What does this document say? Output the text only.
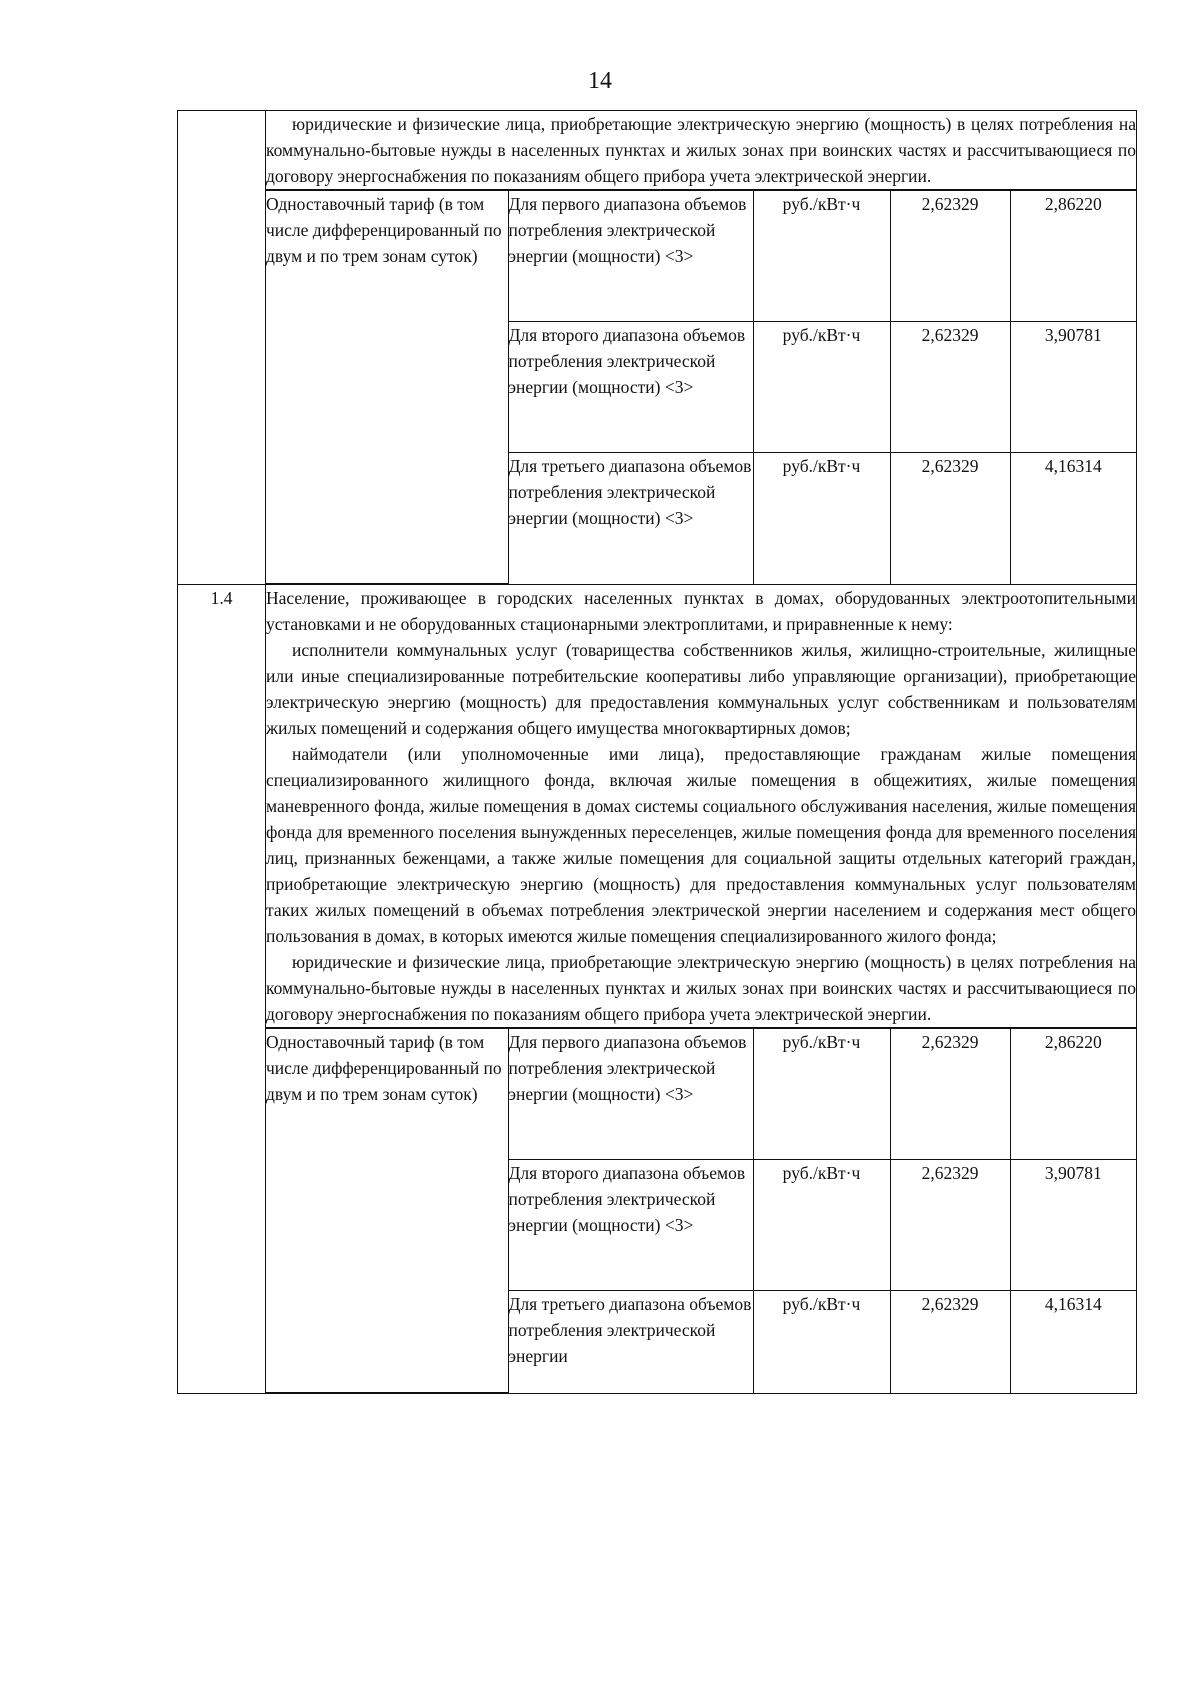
14

юридические и физические лица, приобретающие электрическую энергию (мощность) в целях потребления на коммунально-бытовые нужды в населенных пунктах и жилых зонах при воинских частях и рассчитывающиеся по договору энергоснабжения по показаниям общего прибора учета электрической энергии.

Одноставочный тариф (в том числе дифференцированный по двум и по трем зонам суток)	Для первого диапазона объемов потребления электрической энергии (мощности) <3>	руб./кВт·ч	2,62329	2,86220
Для второго диапазона объемов потребления электрической энергии (мощности) <3>	руб./кВт·ч	2,62329	3,90781
Для третьего диапазона объемов потребления электрической энергии (мощности) <3>	руб./кВт·ч	2,62329	4,16314

1.4	Население, проживающее в городских населенных пунктах в домах, оборудованных электроотопительными установками и не оборудованных стационарными электроплитами, и приравненные к нему:

исполнители коммунальных услуг (товарищества собственников жилья, жилищно-строительные, жилищные или иные специализированные потребительские кооперативы либо управляющие организации), приобретающие электрическую энергию (мощность) для предоставления коммунальных услуг собственникам и пользователям жилых помещений и содержания общего имущества многоквартирных домов;

наймодатели (или уполномоченные ими лица), предоставляющие гражданам жилые помещения специализированного жилищного фонда, включая жилые помещения в общежитиях, жилые помещения маневренного фонда, жилые помещения в домах системы социального обслуживания населения, жилые помещения фонда для временного поселения вынужденных переселенцев, жилые помещения фонда для временного поселения лиц, признанных беженцами, а также жилые помещения для социальной защиты отдельных категорий граждан, приобретающие электрическую энергию (мощность) для предоставления коммунальных услуг пользователям таких жилых помещений в объемах потребления электрической энергии населением и содержания мест общего пользования в домах, в которых имеются жилые помещения специализированного жилого фонда;

юридические и физические лица, приобретающие электрическую энергию (мощность) в целях потребления на коммунально-бытовые нужды в населенных пунктах и жилых зонах при воинских частях и рассчитывающиеся по договору энергоснабжения по показаниям общего прибора учета электрической энергии.

Одноставочный тариф (в том числе дифференцированный по двум и по трем зонам суток)	Для первого диапазона объемов потребления электрической энергии (мощности) <3>	руб./кВт·ч	2,62329	2,86220
Для второго диапазона объемов потребления электрической энергии (мощности) <3>	руб./кВт·ч	2,62329	3,90781
Для третьего диапазона объемов потребления электрической энергии	руб./кВт·ч	2,62329	4,16314
